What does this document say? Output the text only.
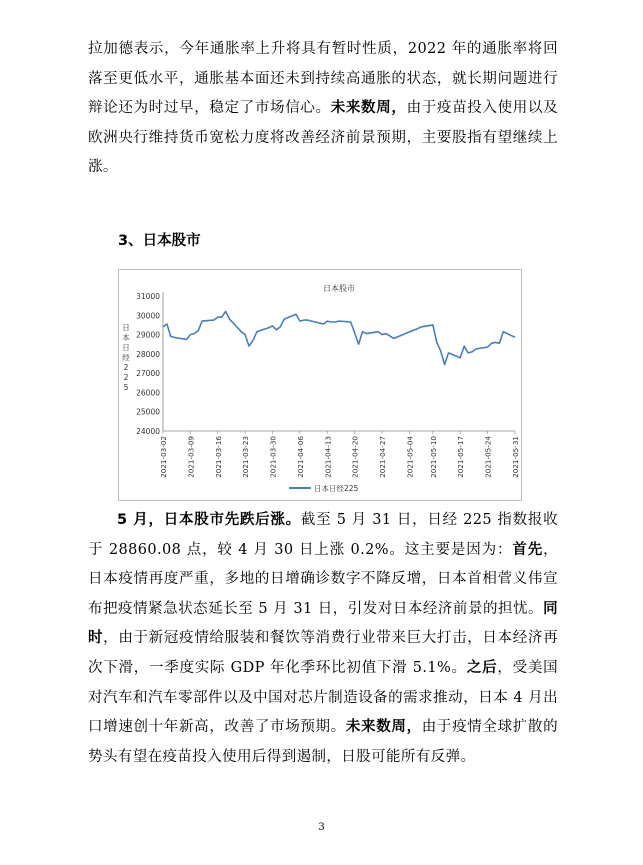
拉加德表示，今年通胀率上升将具有暂时性质，2022 年的通胀率将回落至更低水平，通胀基本面还未到持续高通胀的状态，就长期问题进行辩论还为时过早，稳定了市场信心。未来数周，由于疫苗投入使用以及欧洲央行维持货币宽松力度将改善经济前景预期，主要股指有望继续上涨。

3、日本股市

日本股市
24000
25000
26000
27000
28000
29000
30000
31000
日
本
日
经
2
2
5
2021-03-02	2021-03-09	2021-03-16	2021-03-23	2021-03-30	2021-04-06	2021-04-13	2021-04-20	2021-04-27	2021-05-04 2021-05-10	2021-05-17	2021-05-24	2021-05-31
日本日经225

5 月，日本股市先跌后涨。截至 5 月 31 日，日经 225 指数报收于 28860.08 点，较 4 月 30 日上涨 0.2%。这主要是因为：首先，日本疫情再度严重，多地的日增确诊数字不降反增，日本首相菅义伟宣布把疫情紧急状态延长至 5 月 31 日，引发对日本经济前景的担忧。同时，由于新冠疫情给服装和餐饮等消费行业带来巨大打击，日本经济再次下滑，一季度实际 GDP 年化季环比初值下滑 5.1%。之后，受美国对汽车和汽车零部件以及中国对芯片制造设备的需求推动，日本 4 月出口增速创十年新高，改善了市场预期。未来数周，由于疫情全球扩散的势头有望在疫苗投入使用后得到遏制，日股可能所有反弹。

3
